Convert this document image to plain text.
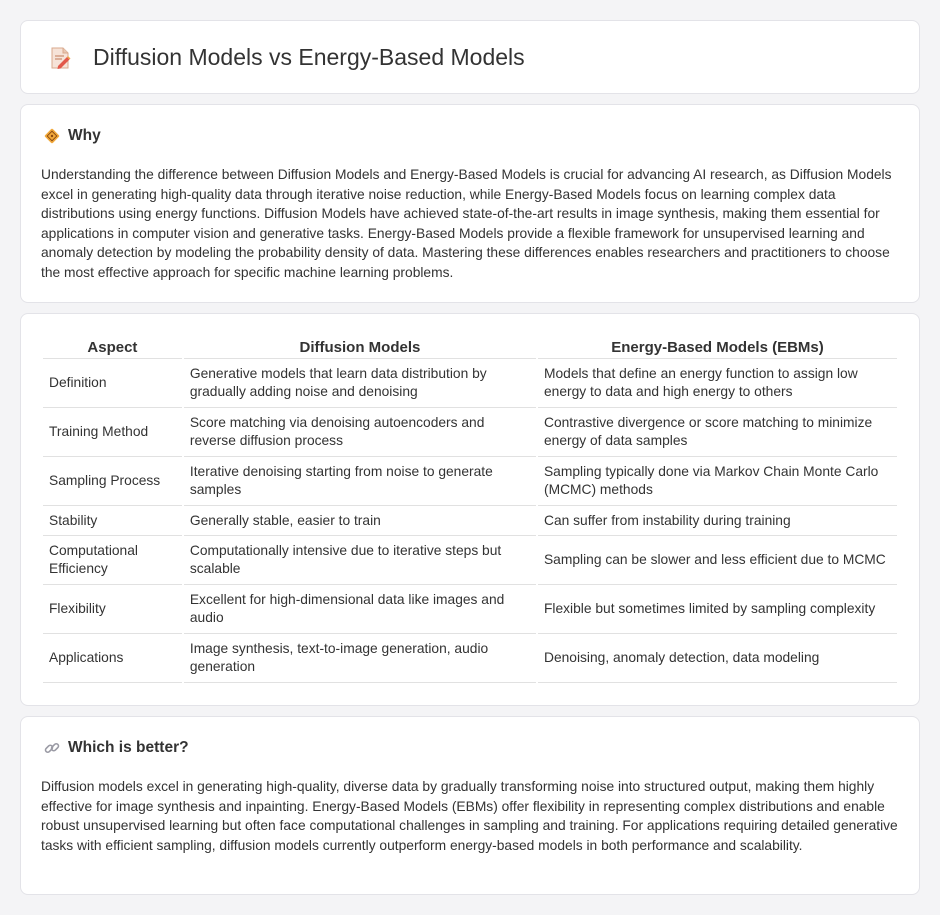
Diffusion Models vs Energy-Based Models
Why

Understanding the difference between Diffusion Models and Energy-Based Models is crucial for advancing AI research, as Diffusion Models excel in generating high-quality data through iterative noise reduction, while Energy-Based Models focus on learning complex data distributions using energy functions. Diffusion Models have achieved state-of-the-art results in image synthesis, making them essential for applications in computer vision and generative tasks. Energy-Based Models provide a flexible framework for unsupervised learning and anomaly detection by modeling the probability density of data. Mastering these differences enables researchers and practitioners to choose the most effective approach for specific machine learning problems.

Aspect	Diffusion Models	Energy-Based Models (EBMs)
Definition	Generative models that learn data distribution by gradually adding noise and denoising	Models that define an energy function to assign low energy to data and high energy to others
Training Method	Score matching via denoising autoencoders and reverse diffusion process	Contrastive divergence or score matching to minimize energy of data samples
Sampling Process	Iterative denoising starting from noise to generate samples	Sampling typically done via Markov Chain Monte Carlo (MCMC) methods
Stability	Generally stable, easier to train	Can suffer from instability during training
Computational Efficiency	Computationally intensive due to iterative steps but scalable	Sampling can be slower and less efficient due to MCMC
Flexibility	Excellent for high-dimensional data like images and audio	Flexible but sometimes limited by sampling complexity
Applications	Image synthesis, text-to-image generation, audio generation	Denoising, anomaly detection, data modeling
Which is better?

Diffusion models excel in generating high-quality, diverse data by gradually transforming noise into structured output, making them highly effective for image synthesis and inpainting. Energy-Based Models (EBMs) offer flexibility in representing complex distributions and enable robust unsupervised learning but often face computational challenges in sampling and training. For applications requiring detailed generative tasks with efficient sampling, diffusion models currently outperform energy-based models in both performance and scalability.
